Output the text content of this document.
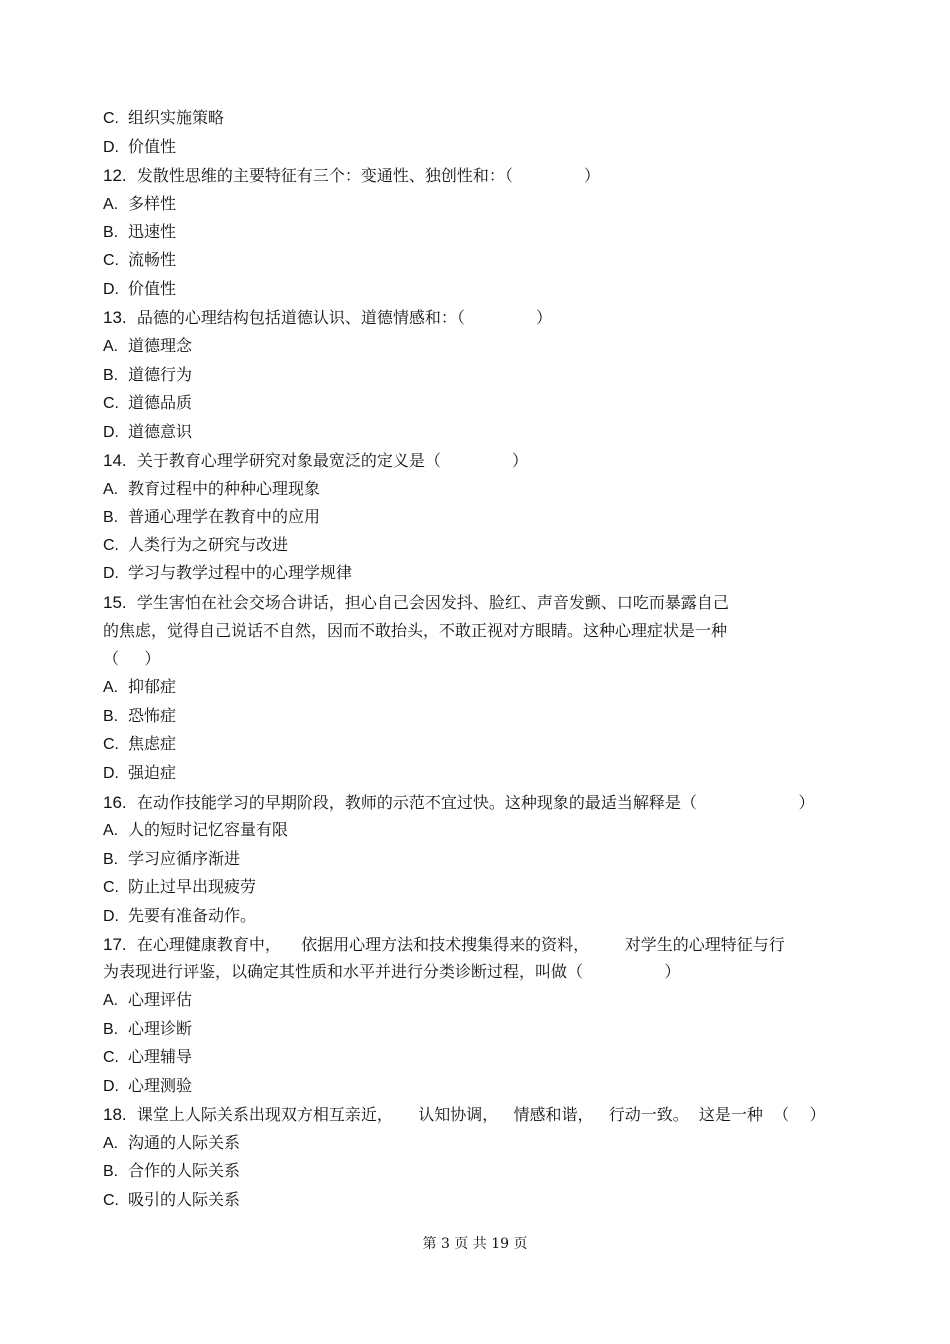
C. 组织实施策略
D. 价值性
12.  发散性思维的主要特征有三个：变通性、独创性和：（              ）
A. 多样性
B. 迅速性
C. 流畅性
D. 价值性
13.  品德的心理结构包括道德认识、道德情感和：（              ）
A. 道德理念
B. 道德行为
C. 道德品质
D. 道德意识
14.  关于教育心理学研究对象最宽泛的定义是（              ）
A. 教育过程中的种种心理现象
B. 普通心理学在教育中的应用
C. 人类行为之研究与改进
D. 学习与教学过程中的心理学规律
15.  学生害怕在社会交场合讲话，担心自己会因发抖、脸红、声音发颤、口吃而暴露自己
的焦虑，觉得自己说话不自然，因而不敢抬头，不敢正视对方眼睛。这种心理症状是一种
（     ）
A. 抑郁症
B. 恐怖症
C. 焦虑症
D. 强迫症
16.  在动作技能学习的早期阶段，教师的示范不宜过快。这种现象的最适当解释是（                    ）
A. 人的短时记忆容量有限
B. 学习应循序渐进
C. 防止过早出现疲劳
D. 先要有准备动作。
17.  在心理健康教育中，    依据用心理方法和技术搜集得来的资料，       对学生的心理特征与行
为表现进行评鉴，以确定其性质和水平并进行分类诊断过程，叫做（                ）
A. 心理评估
B. 心理诊断
C. 心理辅导
D. 心理测验
18.  课堂上人际关系出现双方相互亲近，     认知协调，   情感和谐，   行动一致。  这是一种  （    ）
A. 沟通的人际关系
B. 合作的人际关系
C. 吸引的人际关系
第 3 页 共 19 页
